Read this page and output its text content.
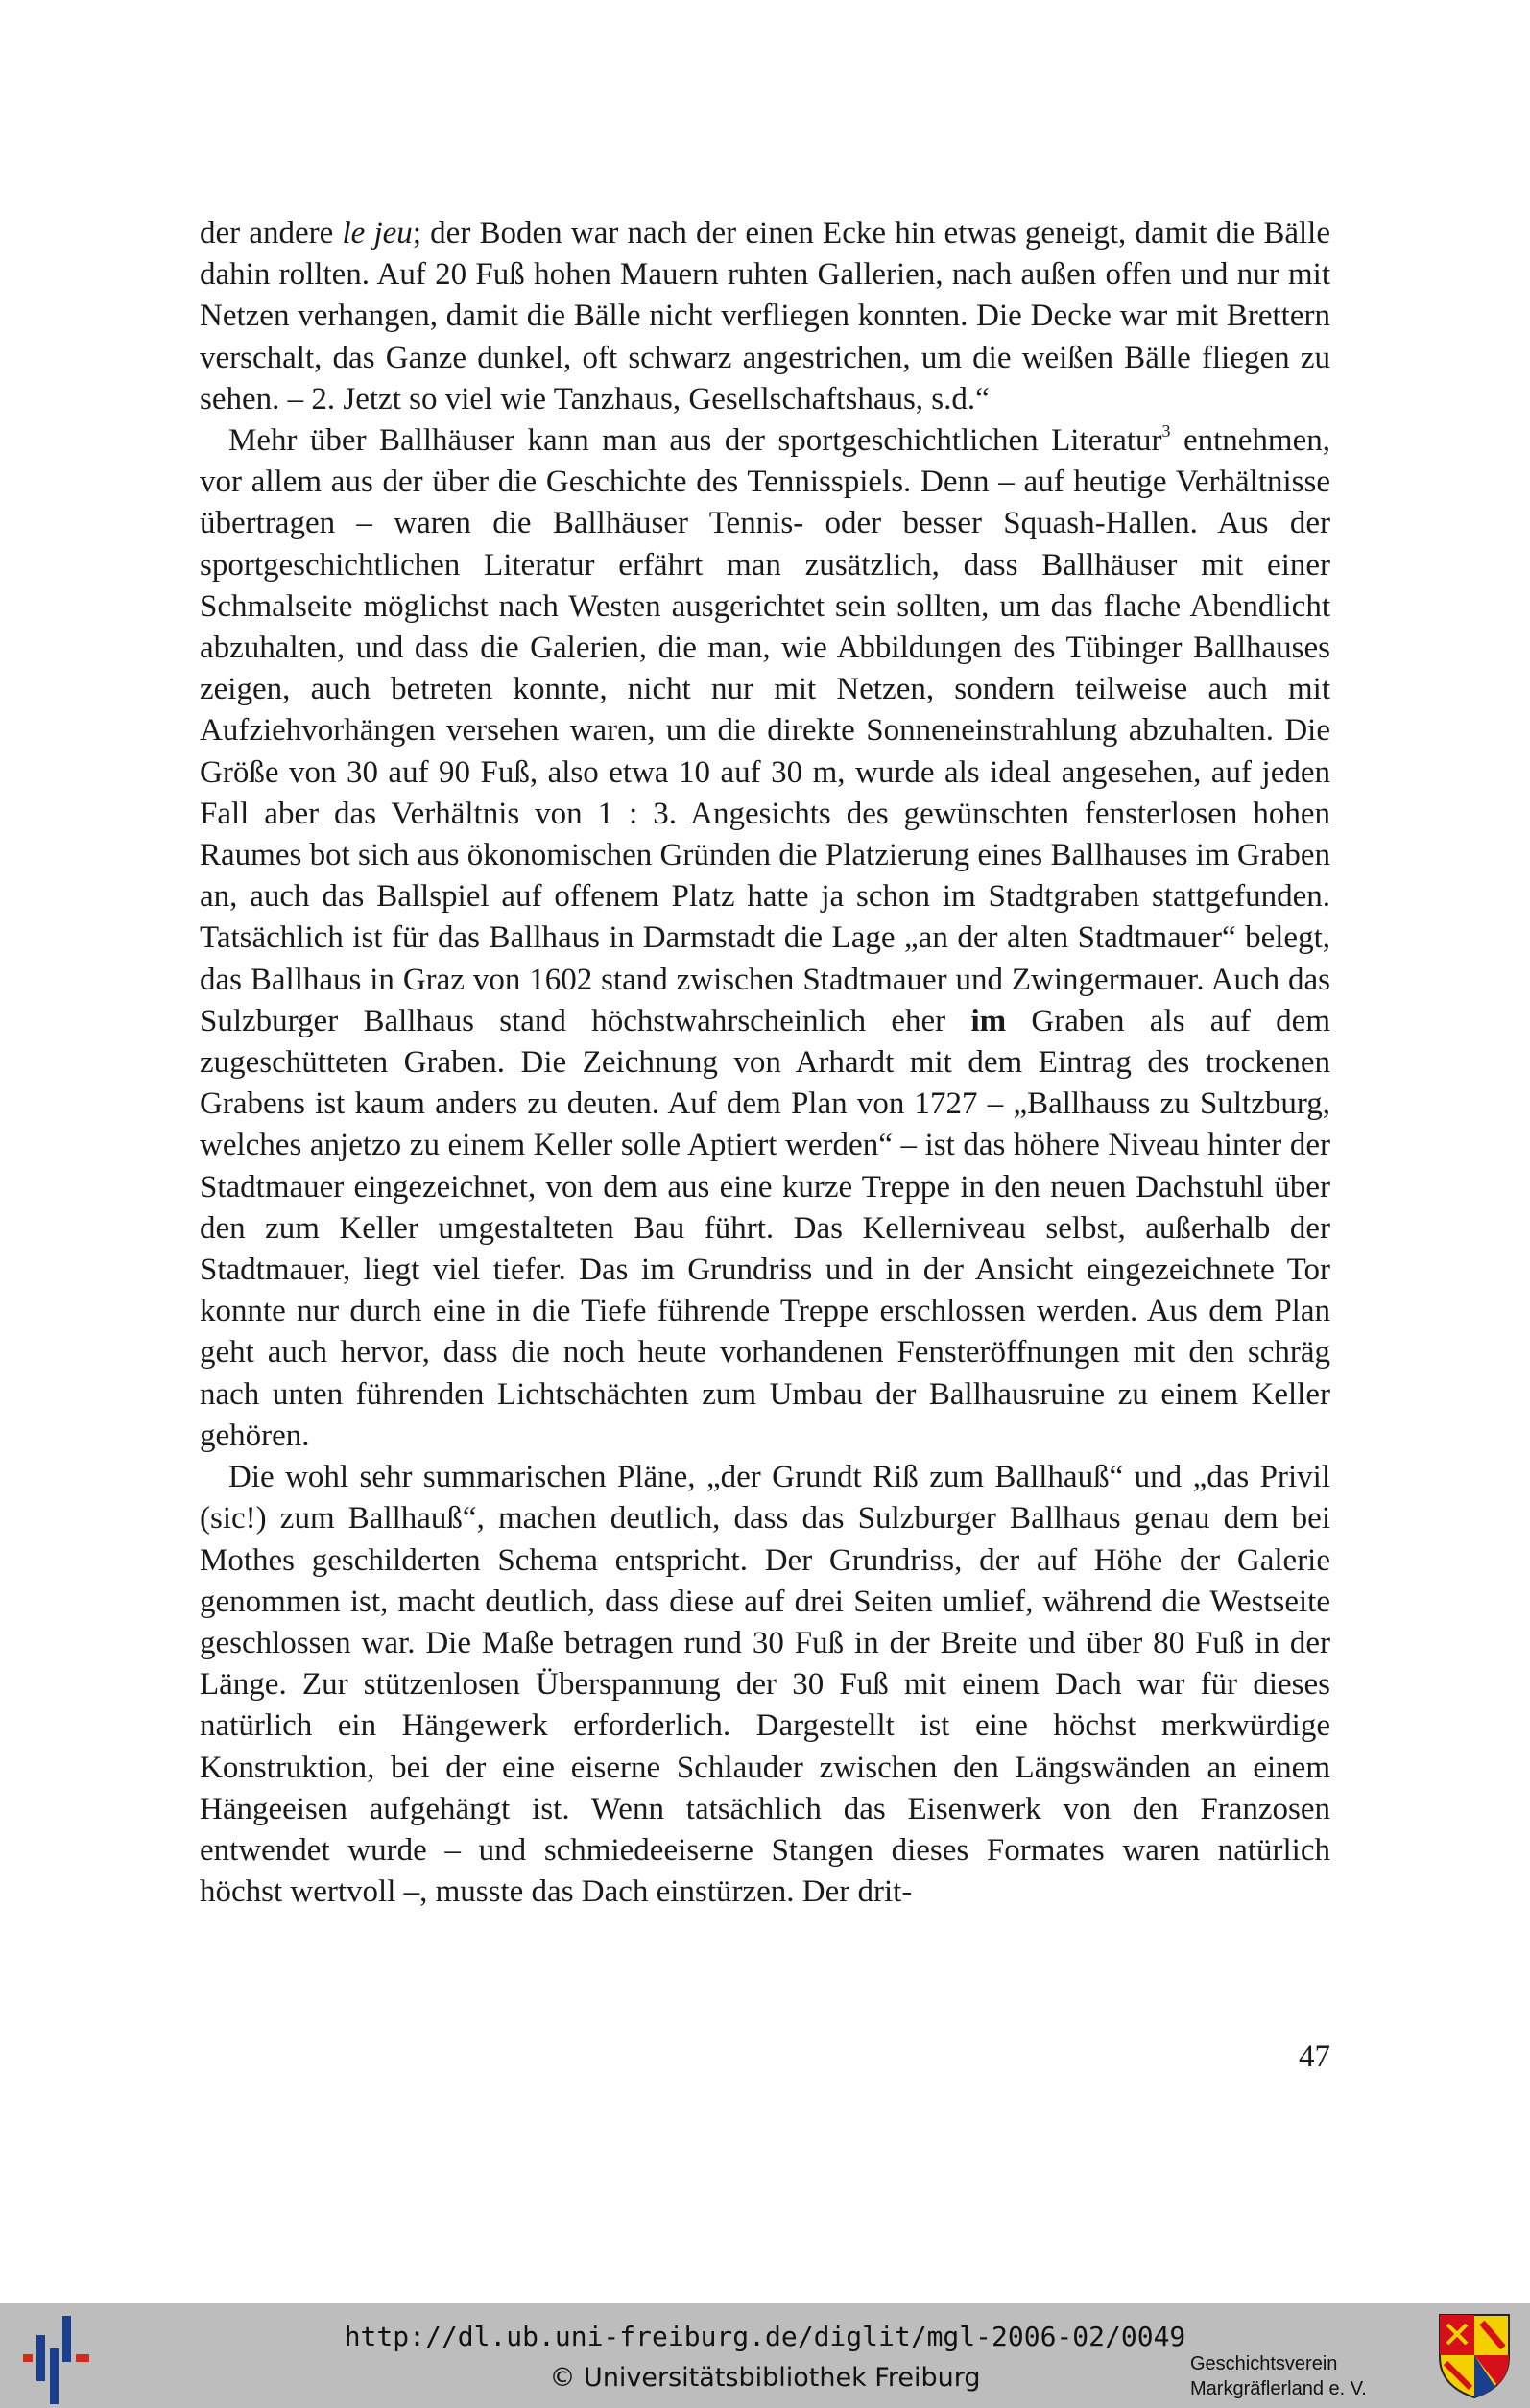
der andere le jeu; der Boden war nach der einen Ecke hin etwas geneigt, damit die Bälle dahin rollten. Auf 20 Fuß hohen Mauern ruhten Gallerien, nach außen offen und nur mit Netzen verhangen, damit die Bälle nicht verfliegen konnten. Die Decke war mit Brettern verschalt, das Ganze dunkel, oft schwarz angestrichen, um die weißen Bälle fliegen zu sehen. – 2. Jetzt so viel wie Tanzhaus, Gesellschaftshaus, s.d.“

Mehr über Ballhäuser kann man aus der sportgeschichtlichen Literatur$^3$ entnehmen, vor allem aus der über die Geschichte des Tennisspiels. Denn – auf heutige Verhältnisse übertragen – waren die Ballhäuser Tennis- oder besser Squash-Hallen. Aus der sportgeschichtlichen Literatur erfährt man zusätzlich, dass Ballhäuser mit einer Schmalseite möglichst nach Westen ausgerichtet sein sollten, um das flache Abendlicht abzuhalten, und dass die Galerien, die man, wie Abbildungen des Tübinger Ballhauses zeigen, auch betreten konnte, nicht nur mit Netzen, sondern teilweise auch mit Aufziehvorhängen versehen waren, um die direkte Sonneneinstrahlung abzuhalten. Die Größe von 30 auf 90 Fuß, also etwa 10 auf 30 m, wurde als ideal angesehen, auf jeden Fall aber das Verhältnis von 1 : 3. Angesichts des gewünschten fensterlosen hohen Raumes bot sich aus ökonomischen Gründen die Platzierung eines Ballhauses im Graben an, auch das Ballspiel auf offenem Platz hatte ja schon im Stadtgraben stattgefunden. Tatsächlich ist für das Ballhaus in Darmstadt die Lage „an der alten Stadtmauer“ belegt, das Ballhaus in Graz von 1602 stand zwischen Stadtmauer und Zwingermauer. Auch das Sulzburger Ballhaus stand höchstwahrscheinlich eher im Graben als auf dem zugeschütteten Graben. Die Zeichnung von Arhardt mit dem Eintrag des trockenen Grabens ist kaum anders zu deuten. Auf dem Plan von 1727 – „Ballhauss zu Sultzburg, welches anjetzo zu einem Keller solle Aptiert werden“ – ist das höhere Niveau hinter der Stadtmauer eingezeichnet, von dem aus eine kurze Treppe in den neuen Dachstuhl über den zum Keller umgestalteten Bau führt. Das Kellerniveau selbst, außerhalb der Stadtmauer, liegt viel tiefer. Das im Grundriss und in der Ansicht eingezeichnete Tor konnte nur durch eine in die Tiefe führende Treppe erschlossen werden. Aus dem Plan geht auch hervor, dass die noch heute vorhandenen Fensteröffnungen mit den schräg nach unten führenden Lichtschächten zum Umbau der Ballhausruine zu einem Keller gehören.

Die wohl sehr summarischen Pläne, „der Grundt Riß zum Ballhauß“ und „das Privil (sic!) zum Ballhauß“, machen deutlich, dass das Sulzburger Ballhaus genau dem bei Mothes geschilderten Schema entspricht. Der Grundriss, der auf Höhe der Galerie genommen ist, macht deutlich, dass diese auf drei Seiten umlief, während die Westseite geschlossen war. Die Maße betragen rund 30 Fuß in der Breite und über 80 Fuß in der Länge. Zur stützenlosen Überspannung der 30 Fuß mit einem Dach war für dieses natürlich ein Hängewerk erforderlich. Dargestellt ist eine höchst merkwürdige Konstruktion, bei der eine eiserne Schlauder zwischen den Längswänden an einem Hängeeisen aufgehängt ist. Wenn tatsächlich das Eisenwerk von den Franzosen entwendet wurde – und schmiedeeiserne Stangen dieses Formates waren natürlich höchst wertvoll –, musste das Dach einstürzen. Der drit-

47
http://dl.ub.uni-freiburg.de/diglit/mgl-2006-02/0049
© Universitätsbibliothek Freiburg	Geschichtsverein
Markgräflerland e. V.
